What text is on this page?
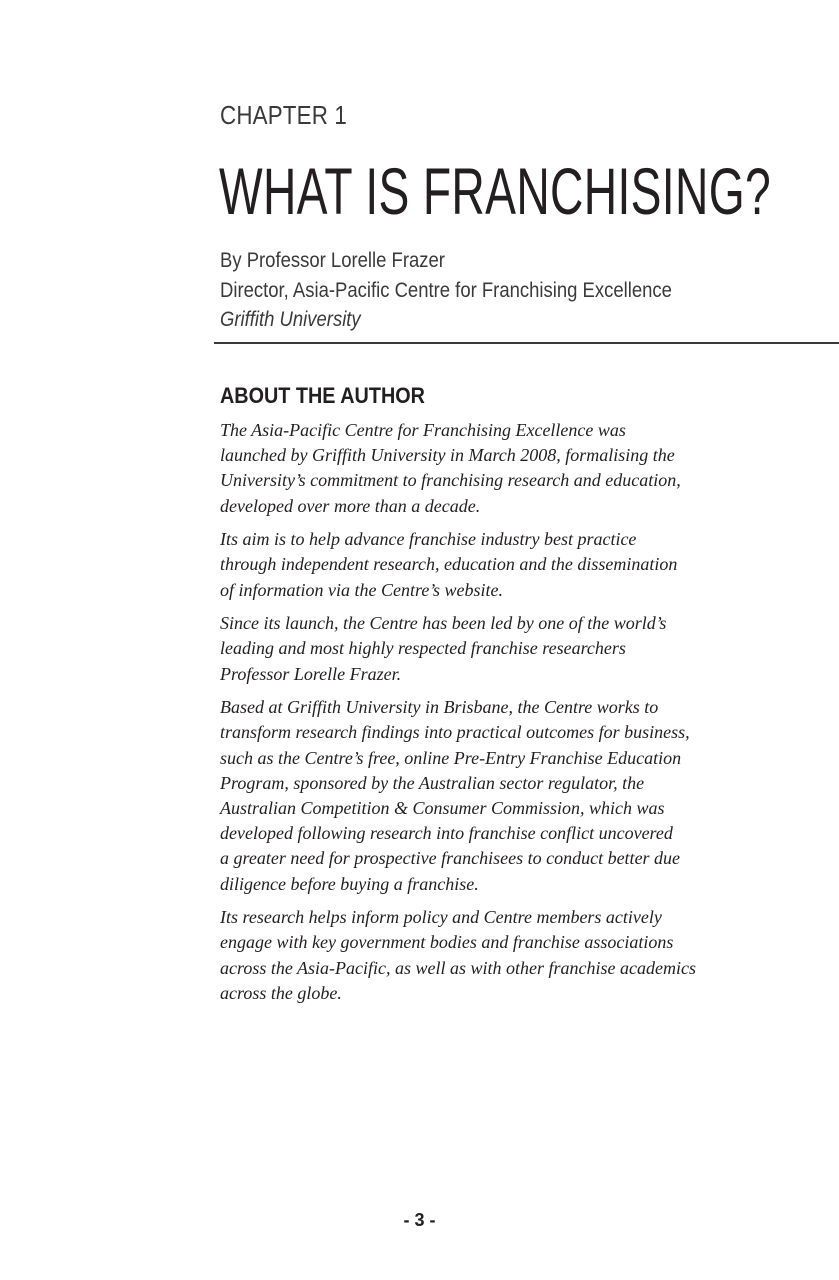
CHAPTER 1
WHAT IS FRANCHISING?
By Professor Lorelle Frazer
Director, Asia-Pacific Centre for Franchising Excellence
Griffith University
ABOUT THE AUTHOR

The Asia-Pacific Centre for Franchising Excellence was
launched by Griffith University in March 2008, formalising the
University’s commitment to franchising research and education,
developed over more than a decade.

Its aim is to help advance franchise industry best practice
through independent research, education and the dissemination
of information via the Centre’s website.

Since its launch, the Centre has been led by one of the world’s
leading and most highly respected franchise researchers
Professor Lorelle Frazer.

Based at Griffith University in Brisbane, the Centre works to
transform research findings into practical outcomes for business,
such as the Centre’s free, online Pre-Entry Franchise Education
Program, sponsored by the Australian sector regulator, the
Australian Competition & Consumer Commission, which was
developed following research into franchise conflict uncovered
a greater need for prospective franchisees to conduct better due
diligence before buying a franchise.

Its research helps inform policy and Centre members actively
engage with key government bodies and franchise associations
across the Asia-Pacific, as well as with other franchise academics
across the globe.

- 3 -
